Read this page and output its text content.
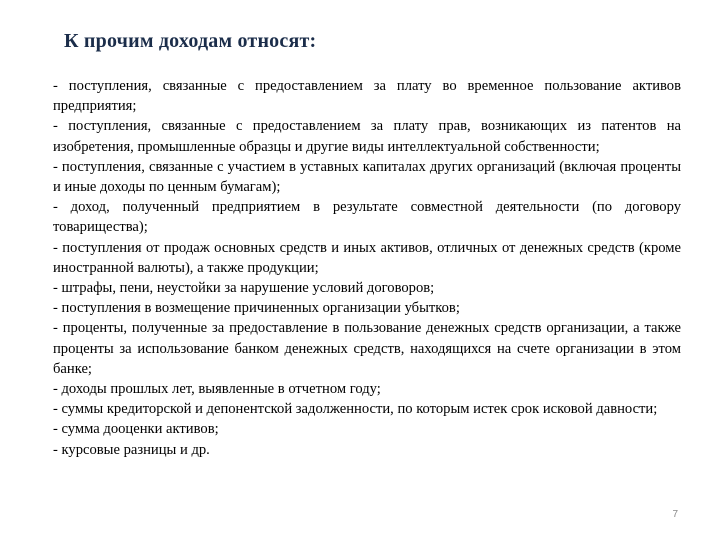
К прочим доходам относят:

- поступления, связанные с предоставлением за плату во временное пользование активов предприятия;

- поступления, связанные с предоставлением за плату прав, возникающих из патентов на изобретения, промышленные образцы и другие виды интеллектуальной собственности;

- поступления, связанные с участием в уставных капиталах других организаций (включая проценты и иные доходы по ценным бумагам);

- доход, полученный предприятием в результате совместной деятельности (по договору товарищества);

- поступления от продаж основных средств и иных активов, отличных от денежных средств (кроме иностранной валюты), а также продукции;

- штрафы, пени, неустойки за нарушение условий договоров;

- поступления в возмещение причиненных организации убытков;

- проценты, полученные за предоставление в пользование денежных средств организации, а также проценты за использование банком денежных средств, находящихся на счете организации в этом банке;

- доходы прошлых лет, выявленные в отчетном году;

- суммы кредиторской и депонентской задолженности, по которым истек срок исковой давности;

- сумма дооценки активов;

- курсовые разницы и др.

7
